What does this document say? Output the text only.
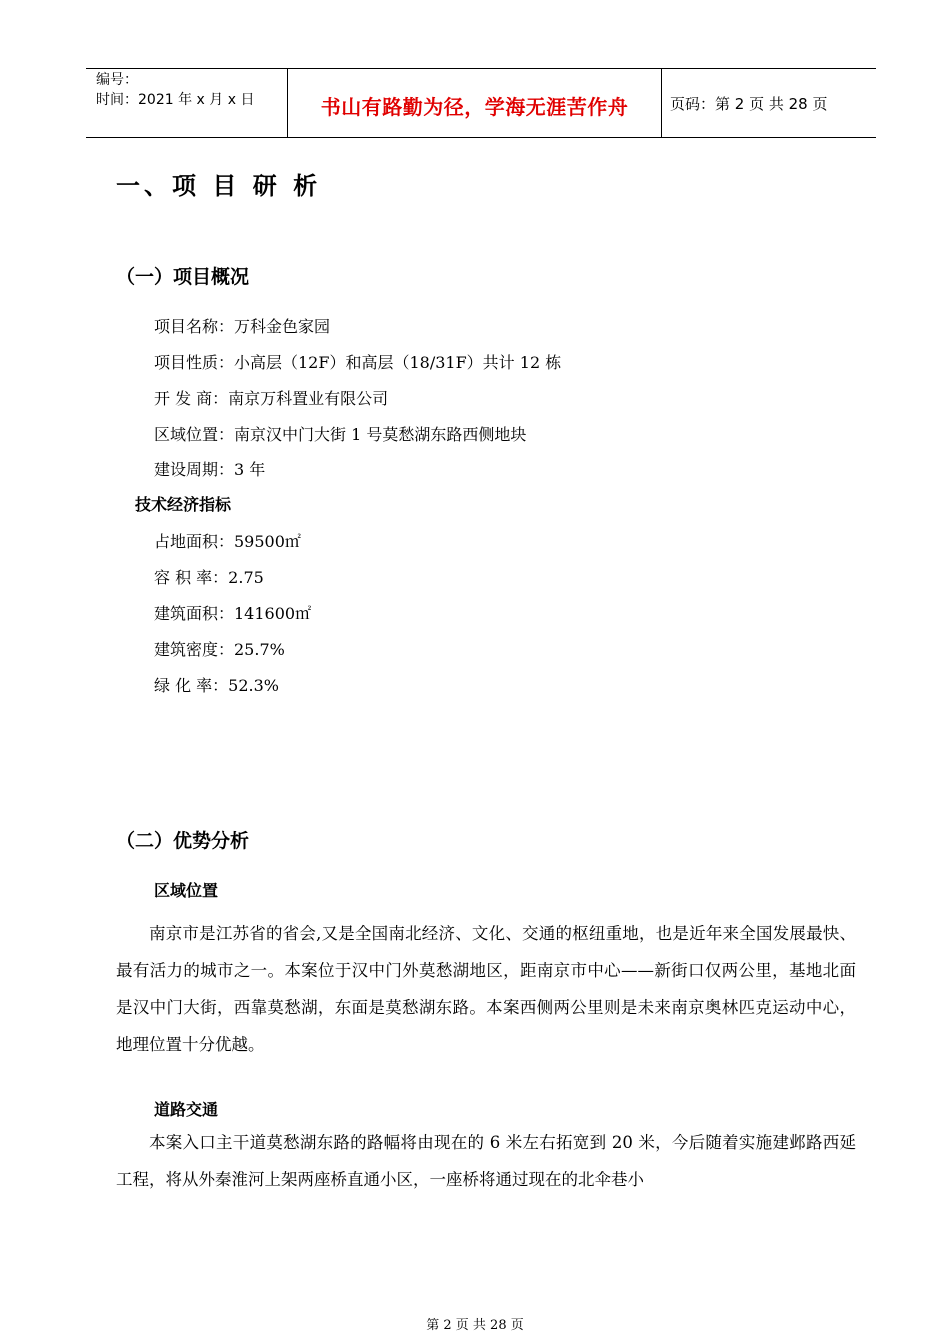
编号：
时间：2021 年 x 月 x 日	书山有路勤为径，学海无涯苦作舟	页码：第 2 页 共 28 页
一、项 目 研 析
（一）项目概况
项目名称：万科金色家园
项目性质：小高层（12F）和高层（18/31F）共计 12 栋
开 发 商：南京万科置业有限公司
区域位置：南京汉中门大街 1 号莫愁湖东路西侧地块
建设周期：3 年
技术经济指标
占地面积：59500㎡
容 积 率：2.75
建筑面积：141600㎡
建筑密度：25.7%
绿 化 率：52.3%
（二）优势分析
区域位置
南京市是江苏省的省会,又是全国南北经济、文化、交通的枢纽重地，也是近年来全国发展最快、最有活力的城市之一。本案位于汉中门外莫愁湖地区，距南京市中心——新街口仅两公里，基地北面是汉中门大街，西靠莫愁湖，东面是莫愁湖东路。本案西侧两公里则是未来南京奥林匹克运动中心，地理位置十分优越。
道路交通
本案入口主干道莫愁湖东路的路幅将由现在的 6 米左右拓宽到 20 米，今后随着实施建邺路西延工程，将从外秦淮河上架两座桥直通小区，一座桥将通过现在的北伞巷小
第 2 页 共 28 页
